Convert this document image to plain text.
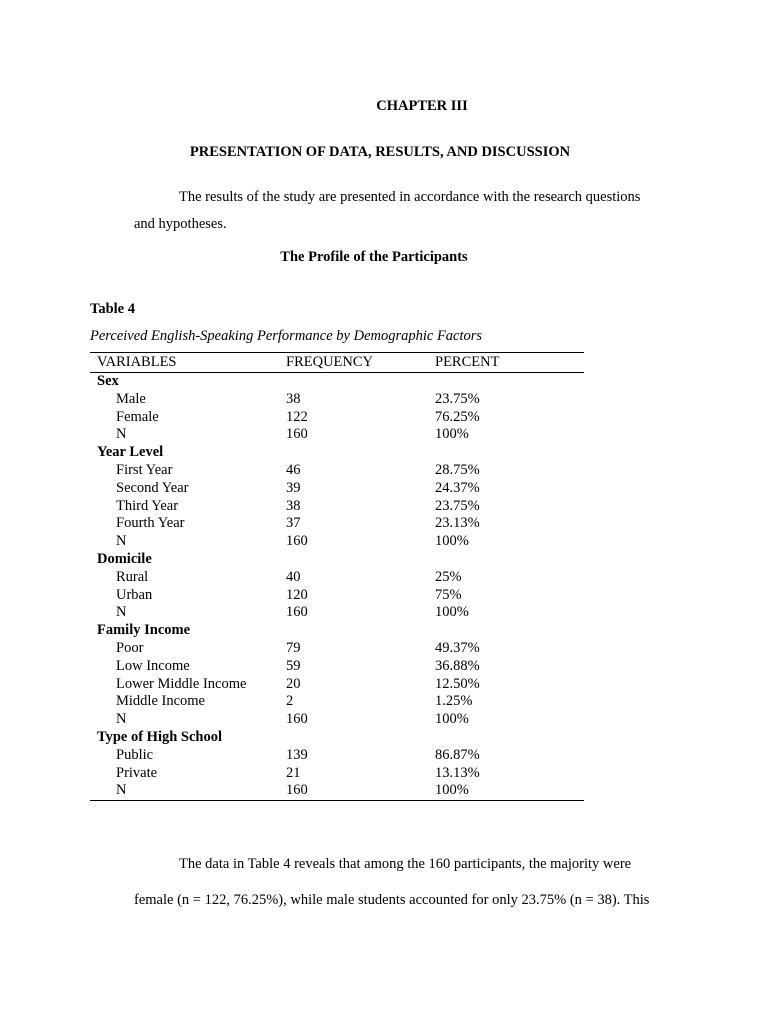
CHAPTER III
PRESENTATION OF DATA, RESULTS, AND DISCUSSION
The results of the study are presented in accordance with the research questions
and hypotheses.
The Profile of the Participants
Table 4
Perceived English-Speaking Performance by Demographic Factors
VARIABLES	FREQUENCY	PERCENT
Sex		
Male	38	23.75%
Female	122	76.25%
N	160	100%
Year Level		
First Year	46	28.75%
Second Year	39	24.37%
Third Year	38	23.75%
Fourth Year	37	23.13%
N	160	100%
Domicile		
Rural	40	25%
Urban	120	75%
N	160	100%
Family Income		
Poor	79	49.37%
Low Income	59	36.88%
Lower Middle Income	20	12.50%
Middle Income	2	1.25%
N	160	100%
Type of High School		
Public	139	86.87%
Private	21	13.13%
N	160	100%
The data in Table 4 reveals that among the 160 participants, the majority were
female (n = 122, 76.25%), while male students accounted for only 23.75% (n = 38). This
